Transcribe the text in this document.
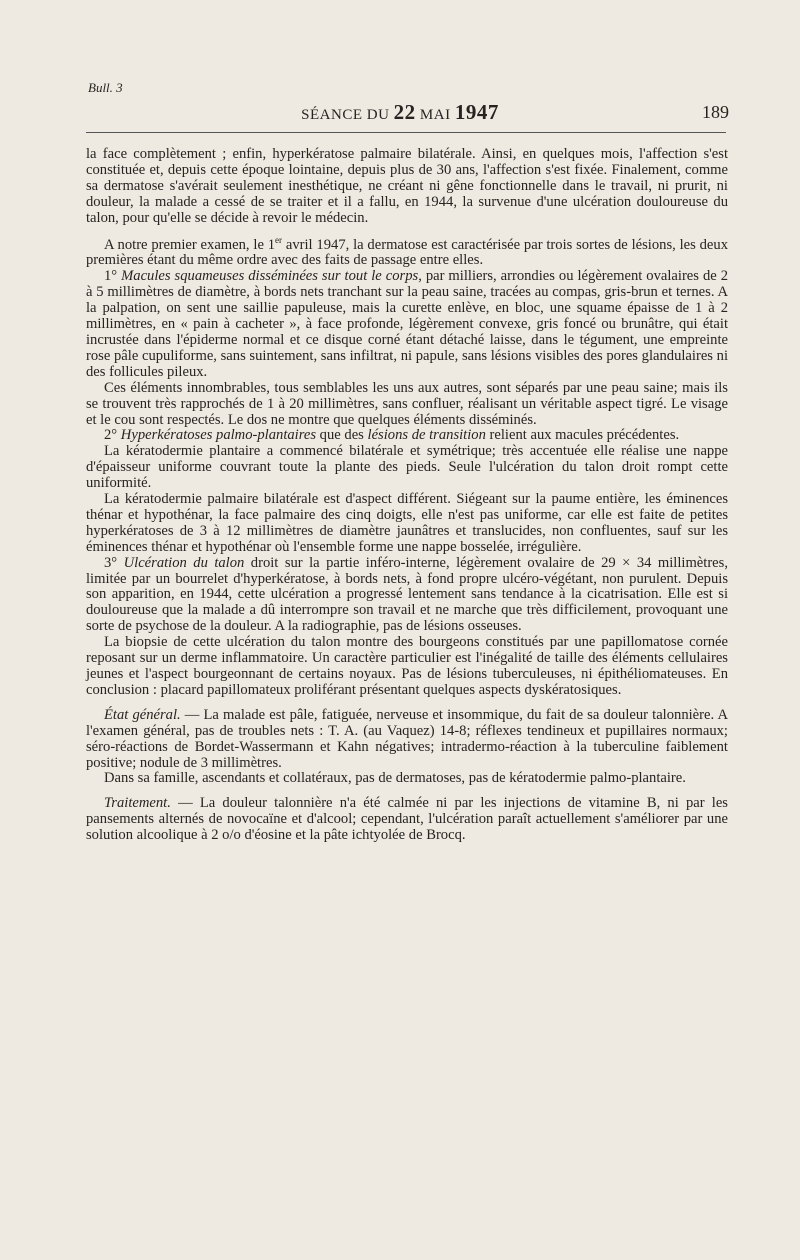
Bull. 3
SÉANCE DU 22 MAI 1947	189

la face complètement ; enfin, hyperkératose palmaire bilatérale. Ainsi, en quelques mois, l'affection s'est constituée et, depuis cette époque lointaine, depuis plus de 30 ans, l'affection s'est fixée. Finalement, comme sa dermatose s'avérait seulement inesthétique, ne créant ni gêne fonctionnelle dans le travail, ni prurit, ni douleur, la malade a cessé de se traiter et il a fallu, en 1944, la survenue d'une ulcération douloureuse du talon, pour qu'elle se décide à revoir le médecin.

A notre premier examen, le 1er avril 1947, la dermatose est caractérisée par trois sortes de lésions, les deux premières étant du même ordre avec des faits de passage entre elles.

1° Macules squameuses disséminées sur tout le corps, par milliers, arrondies ou légèrement ovalaires de 2 à 5 millimètres de diamètre, à bords nets tranchant sur la peau saine, tracées au compas, gris-brun et ternes. A la palpation, on sent une saillie papuleuse, mais la curette enlève, en bloc, une squame épaisse de 1 à 2 millimètres, en « pain à cacheter », à face profonde, légèrement convexe, gris foncé ou brunâtre, qui était incrustée dans l'épiderme normal et ce disque corné étant détaché laisse, dans le tégument, une empreinte rose pâle cupuliforme, sans suintement, sans infiltrat, ni papule, sans lésions visibles des pores glandulaires ni des follicules pileux.

Ces éléments innombrables, tous semblables les uns aux autres, sont séparés par une peau saine; mais ils se trouvent très rapprochés de 1 à 20 millimètres, sans confluer, réalisant un véritable aspect tigré. Le visage et le cou sont respectés. Le dos ne montre que quelques éléments disséminés.

2° Hyperkératoses palmo-plantaires que des lésions de transition relient aux macules précédentes.

La kératodermie plantaire a commencé bilatérale et symétrique; très accentuée elle réalise une nappe d'épaisseur uniforme couvrant toute la plante des pieds. Seule l'ulcération du talon droit rompt cette uniformité.

La kératodermie palmaire bilatérale est d'aspect différent. Siégeant sur la paume entière, les éminences thénar et hypothénar, la face palmaire des cinq doigts, elle n'est pas uniforme, car elle est faite de petites hyperkératoses de 3 à 12 millimètres de diamètre jaunâtres et translucides, non confluentes, sauf sur les éminences thénar et hypothénar où l'ensemble forme une nappe bosselée, irrégulière.

3° Ulcération du talon droit sur la partie inféro-interne, légèrement ovalaire de 29 × 34 millimètres, limitée par un bourrelet d'hyperkératose, à bords nets, à fond propre ulcéro-végétant, non purulent. Depuis son apparition, en 1944, cette ulcération a progressé lentement sans tendance à la cicatrisation. Elle est si douloureuse que la malade a dû interrompre son travail et ne marche que très difficilement, provoquant une sorte de psychose de la douleur. A la radiographie, pas de lésions osseuses.

La biopsie de cette ulcération du talon montre des bourgeons constitués par une papillomatose cornée reposant sur un derme inflammatoire. Un caractère particulier est l'inégalité de taille des éléments cellulaires jeunes et l'aspect bourgeonnant de certains noyaux. Pas de lésions tuberculeuses, ni épithéliomateuses. En conclusion : placard papillomateux proliférant présentant quelques aspects dyskératosiques.

État général. — La malade est pâle, fatiguée, nerveuse et insommique, du fait de sa douleur talonnière. A l'examen général, pas de troubles nets : T. A. (au Vaquez) 14-8; réflexes tendineux et pupillaires normaux; séro-réactions de Bordet-Wassermann et Kahn négatives; intradermo-réaction à la tuberculine faiblement positive; nodule de 3 millimètres.

Dans sa famille, ascendants et collatéraux, pas de dermatoses, pas de kératodermie palmo-plantaire.

Traitement. — La douleur talonnière n'a été calmée ni par les injections de vitamine B, ni par les pansements alternés de novocaïne et d'alcool; cependant, l'ulcération paraît actuellement s'améliorer par une solution alcoolique à 2 o/o d'éosine et la pâte ichtyolée de Brocq.
